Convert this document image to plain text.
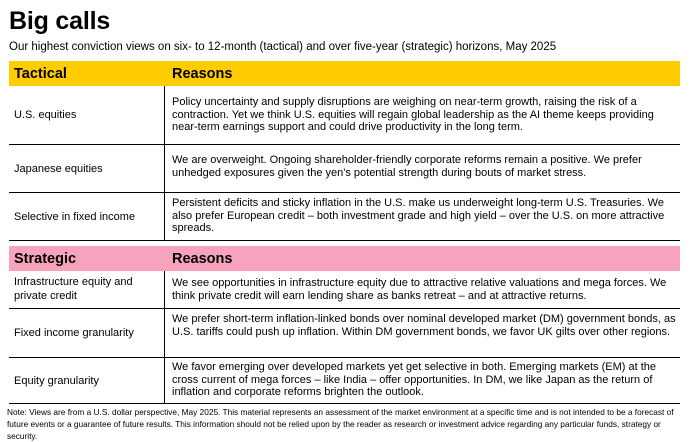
Big calls
Our highest conviction views on six- to 12-month (tactical) and over five-year (strategic) horizons, May 2025
Tactical	Reasons
U.S. equities
Policy uncertainty and supply disruptions are weighing on near-term growth, raising the risk of a contraction. Yet we think U.S. equities will regain global leadership as the AI theme keeps providing near-term earnings support and could drive productivity in the long term.
Japanese equities
We are overweight. Ongoing shareholder-friendly corporate reforms remain a positive. We prefer unhedged exposures given the yen's potential strength during bouts of market stress.
Selective in fixed income
Persistent deficits and sticky inflation in the U.S. make us underweight long-term U.S. Treasuries. We also prefer European credit – both investment grade and high yield – over the U.S. on more attractive spreads.
Strategic	Reasons
Infrastructure equity and private credit
We see opportunities in infrastructure equity due to attractive relative valuations and mega forces. We think private credit will earn lending share as banks retreat – and at attractive returns.
Fixed income granularity
We prefer short-term inflation-linked bonds over nominal developed market (DM) government bonds, as U.S. tariffs could push up inflation. Within DM government bonds, we favor UK gilts over other regions.
Equity granularity
We favor emerging over developed markets yet get selective in both. Emerging markets (EM) at the cross current of mega forces – like India – offer opportunities. In DM, we like Japan as the return of inflation and corporate reforms brighten the outlook.
Note: Views are from a U.S. dollar perspective, May 2025. This material represents an assessment of the market environment at a specific time and is not intended to be a forecast of future events or a guarantee of future results. This information should not be relied upon by the reader as research or investment advice regarding any particular funds, strategy or security.
